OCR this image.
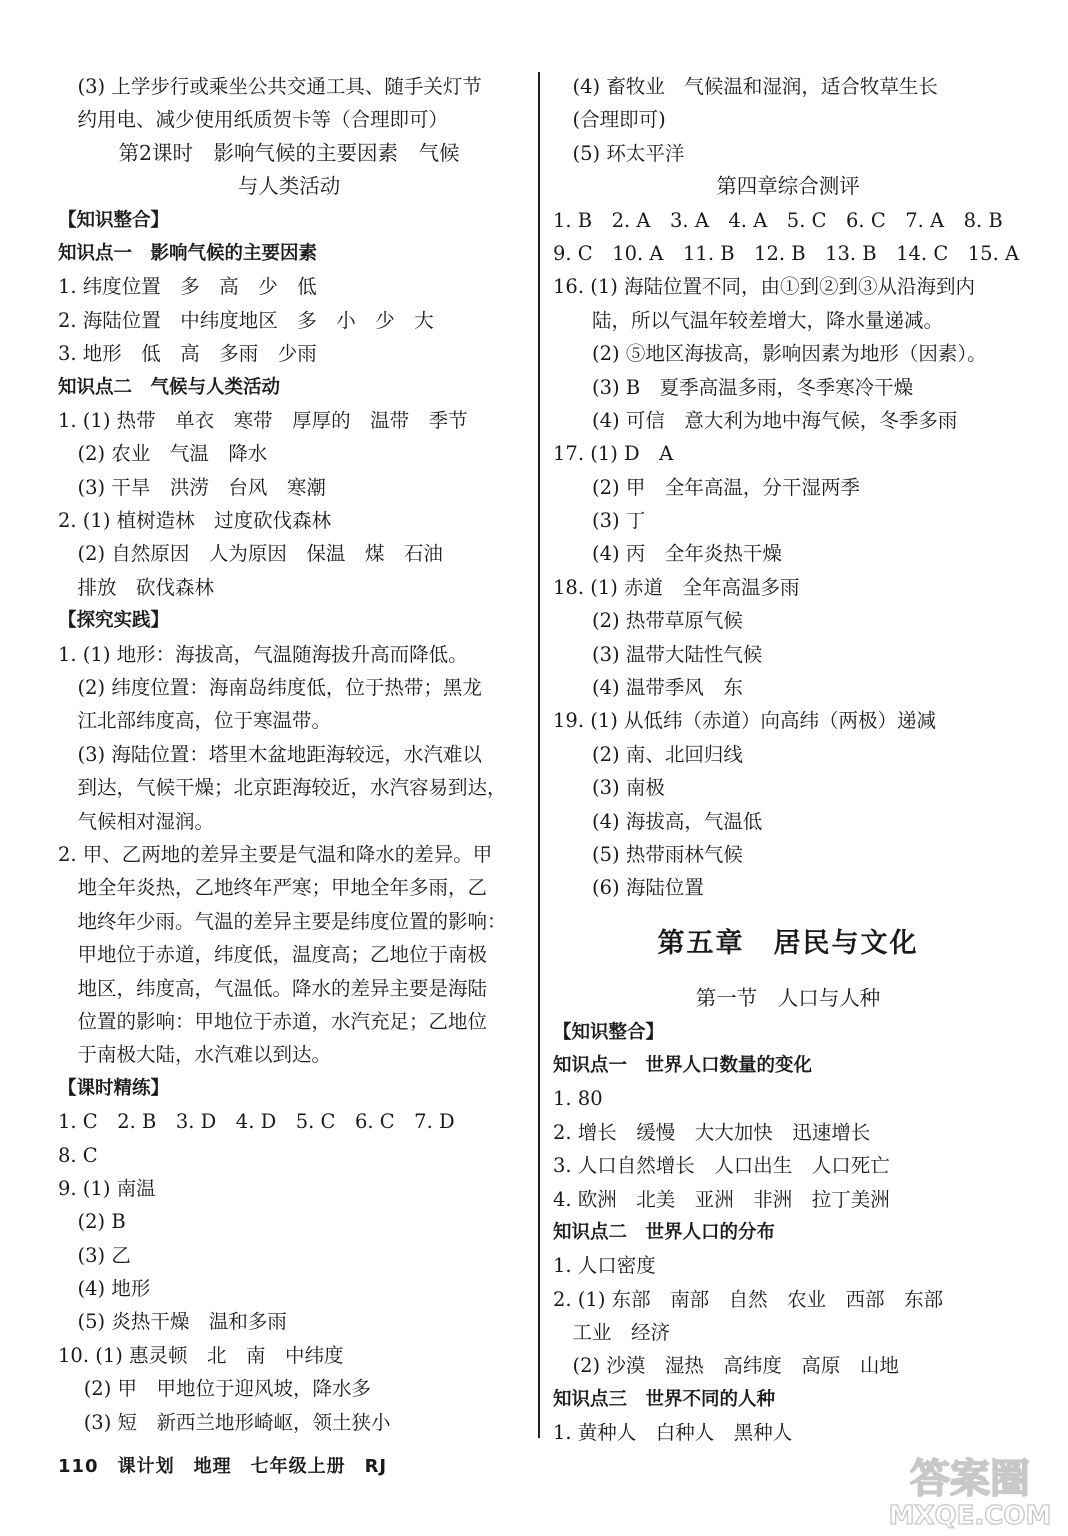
　(3) 上学步行或乘坐公共交通工具、随手关灯节
　约用电、减少使用纸质贺卡等（合理即可）
第2课时　影响气候的主要因素　气候
与人类活动
【知识整合】
知识点一　影响气候的主要因素
1. 纬度位置　多　高　少　低
2. 海陆位置　中纬度地区　多　小　少　大
3. 地形　低　高　多雨　少雨
知识点二　气候与人类活动
1. (1) 热带　单衣　寒带　厚厚的　温带　季节
　(2) 农业　气温　降水
　(3) 干旱　洪涝　台风　寒潮
2. (1) 植树造林　过度砍伐森林
　(2) 自然原因　人为原因　保温　煤　石油
　排放　砍伐森林
【探究实践】
1. (1) 地形：海拔高，气温随海拔升高而降低。
　(2) 纬度位置：海南岛纬度低，位于热带；黑龙
　江北部纬度高，位于寒温带。
　(3) 海陆位置：塔里木盆地距海较远，水汽难以
　到达，气候干燥；北京距海较近，水汽容易到达，
　气候相对湿润。
2. 甲、乙两地的差异主要是气温和降水的差异。甲
　地全年炎热，乙地终年严寒；甲地全年多雨，乙
　地终年少雨。气温的差异主要是纬度位置的影响：
　甲地位于赤道，纬度低，温度高；乙地位于南极
　地区，纬度高，气温低。降水的差异主要是海陆
　位置的影响：甲地位于赤道，水汽充足；乙地位
　于南极大陆，水汽难以到达。
【课时精练】
1. C　2. B　3. D　4. D　5. C　6. C　7. D
8. C
9. (1) 南温
　(2) B
　(3) 乙
　(4) 地形
　(5) 炎热干燥　温和多雨
10. (1) 惠灵顿　北　南　中纬度
　 (2) 甲　甲地位于迎风坡，降水多
　 (3) 短　新西兰地形崎岖，领土狭小
　(4) 畜牧业　气候温和湿润，适合牧草生长
　(合理即可)
　(5) 环太平洋
第四章综合测评
1. B　2. A　3. A　4. A　5. C　6. C　7. A　8. B
9. C　10. A　11. B　12. B　13. B　14. C　15. A
16. (1) 海陆位置不同，由①到②到③从沿海到内
　　陆，所以气温年较差增大，降水量递减。
　　(2) ⑤地区海拔高，影响因素为地形（因素）。
　　(3) B　夏季高温多雨，冬季寒冷干燥
　　(4) 可信　意大利为地中海气候，冬季多雨
17. (1) D　A
　　(2) 甲　全年高温，分干湿两季
　　(3) 丁
　　(4) 丙　全年炎热干燥
18. (1) 赤道　全年高温多雨
　　(2) 热带草原气候
　　(3) 温带大陆性气候
　　(4) 温带季风　东
19. (1) 从低纬（赤道）向高纬（两极）递减
　　(2) 南、北回归线
　　(3) 南极
　　(4) 海拔高，气温低
　　(5) 热带雨林气候
　　(6) 海陆位置
第五章　居民与文化
第一节　人口与人种
【知识整合】
知识点一　世界人口数量的变化
1. 80
2. 增长　缓慢　大大加快　迅速增长
3. 人口自然增长　人口出生　人口死亡
4. 欧洲　北美　亚洲　非洲　拉丁美洲
知识点二　世界人口的分布
1. 人口密度
2. (1) 东部　南部　自然　农业　西部　东部
　工业　经济
　(2) 沙漠　湿热　高纬度　高原　山地
知识点三　世界不同的人种
1. 黄种人　白种人　黑种人
110　课计划　地理　七年级上册　RJ	答案圈
MXQE.COM
